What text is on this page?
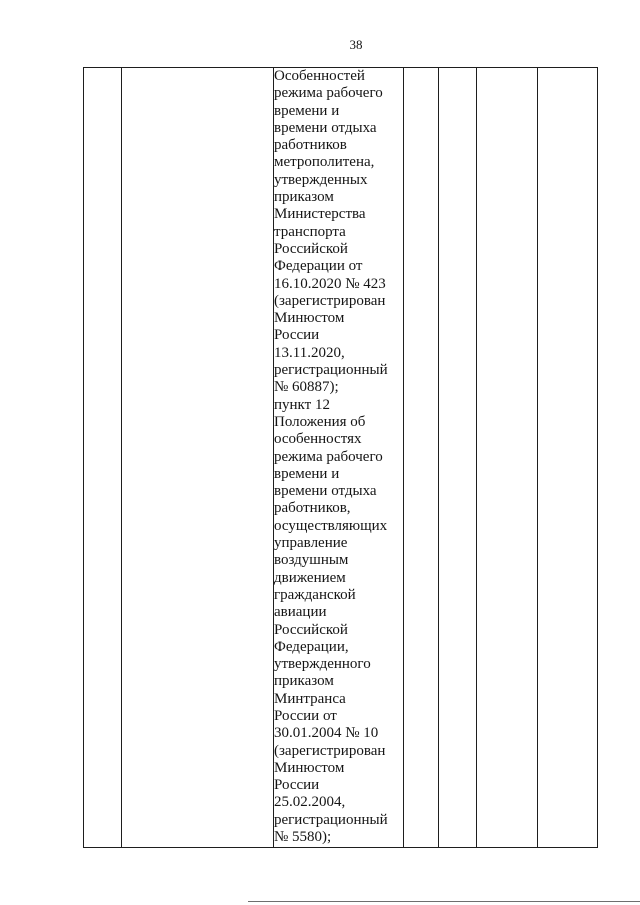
38

Особенностей
режима рабочего
времени и
времени отдыха
работников
метрополитена,
утвержденных
приказом
Министерства
транспорта
Российской
Федерации от
16.10.2020 № 423
(зарегистрирован
Минюстом
России
13.11.2020,
регистрационный
№ 60887);
пункт 12
Положения об
особенностях
режима рабочего
времени и
времени отдыха
работников,
осуществляющих
управление
воздушным
движением
гражданской
авиации
Российской
Федерации,
утвержденного
приказом
Минтранса
России от
30.01.2004 № 10
(зарегистрирован
Минюстом
России
25.02.2004,
регистрационный
№ 5580);
